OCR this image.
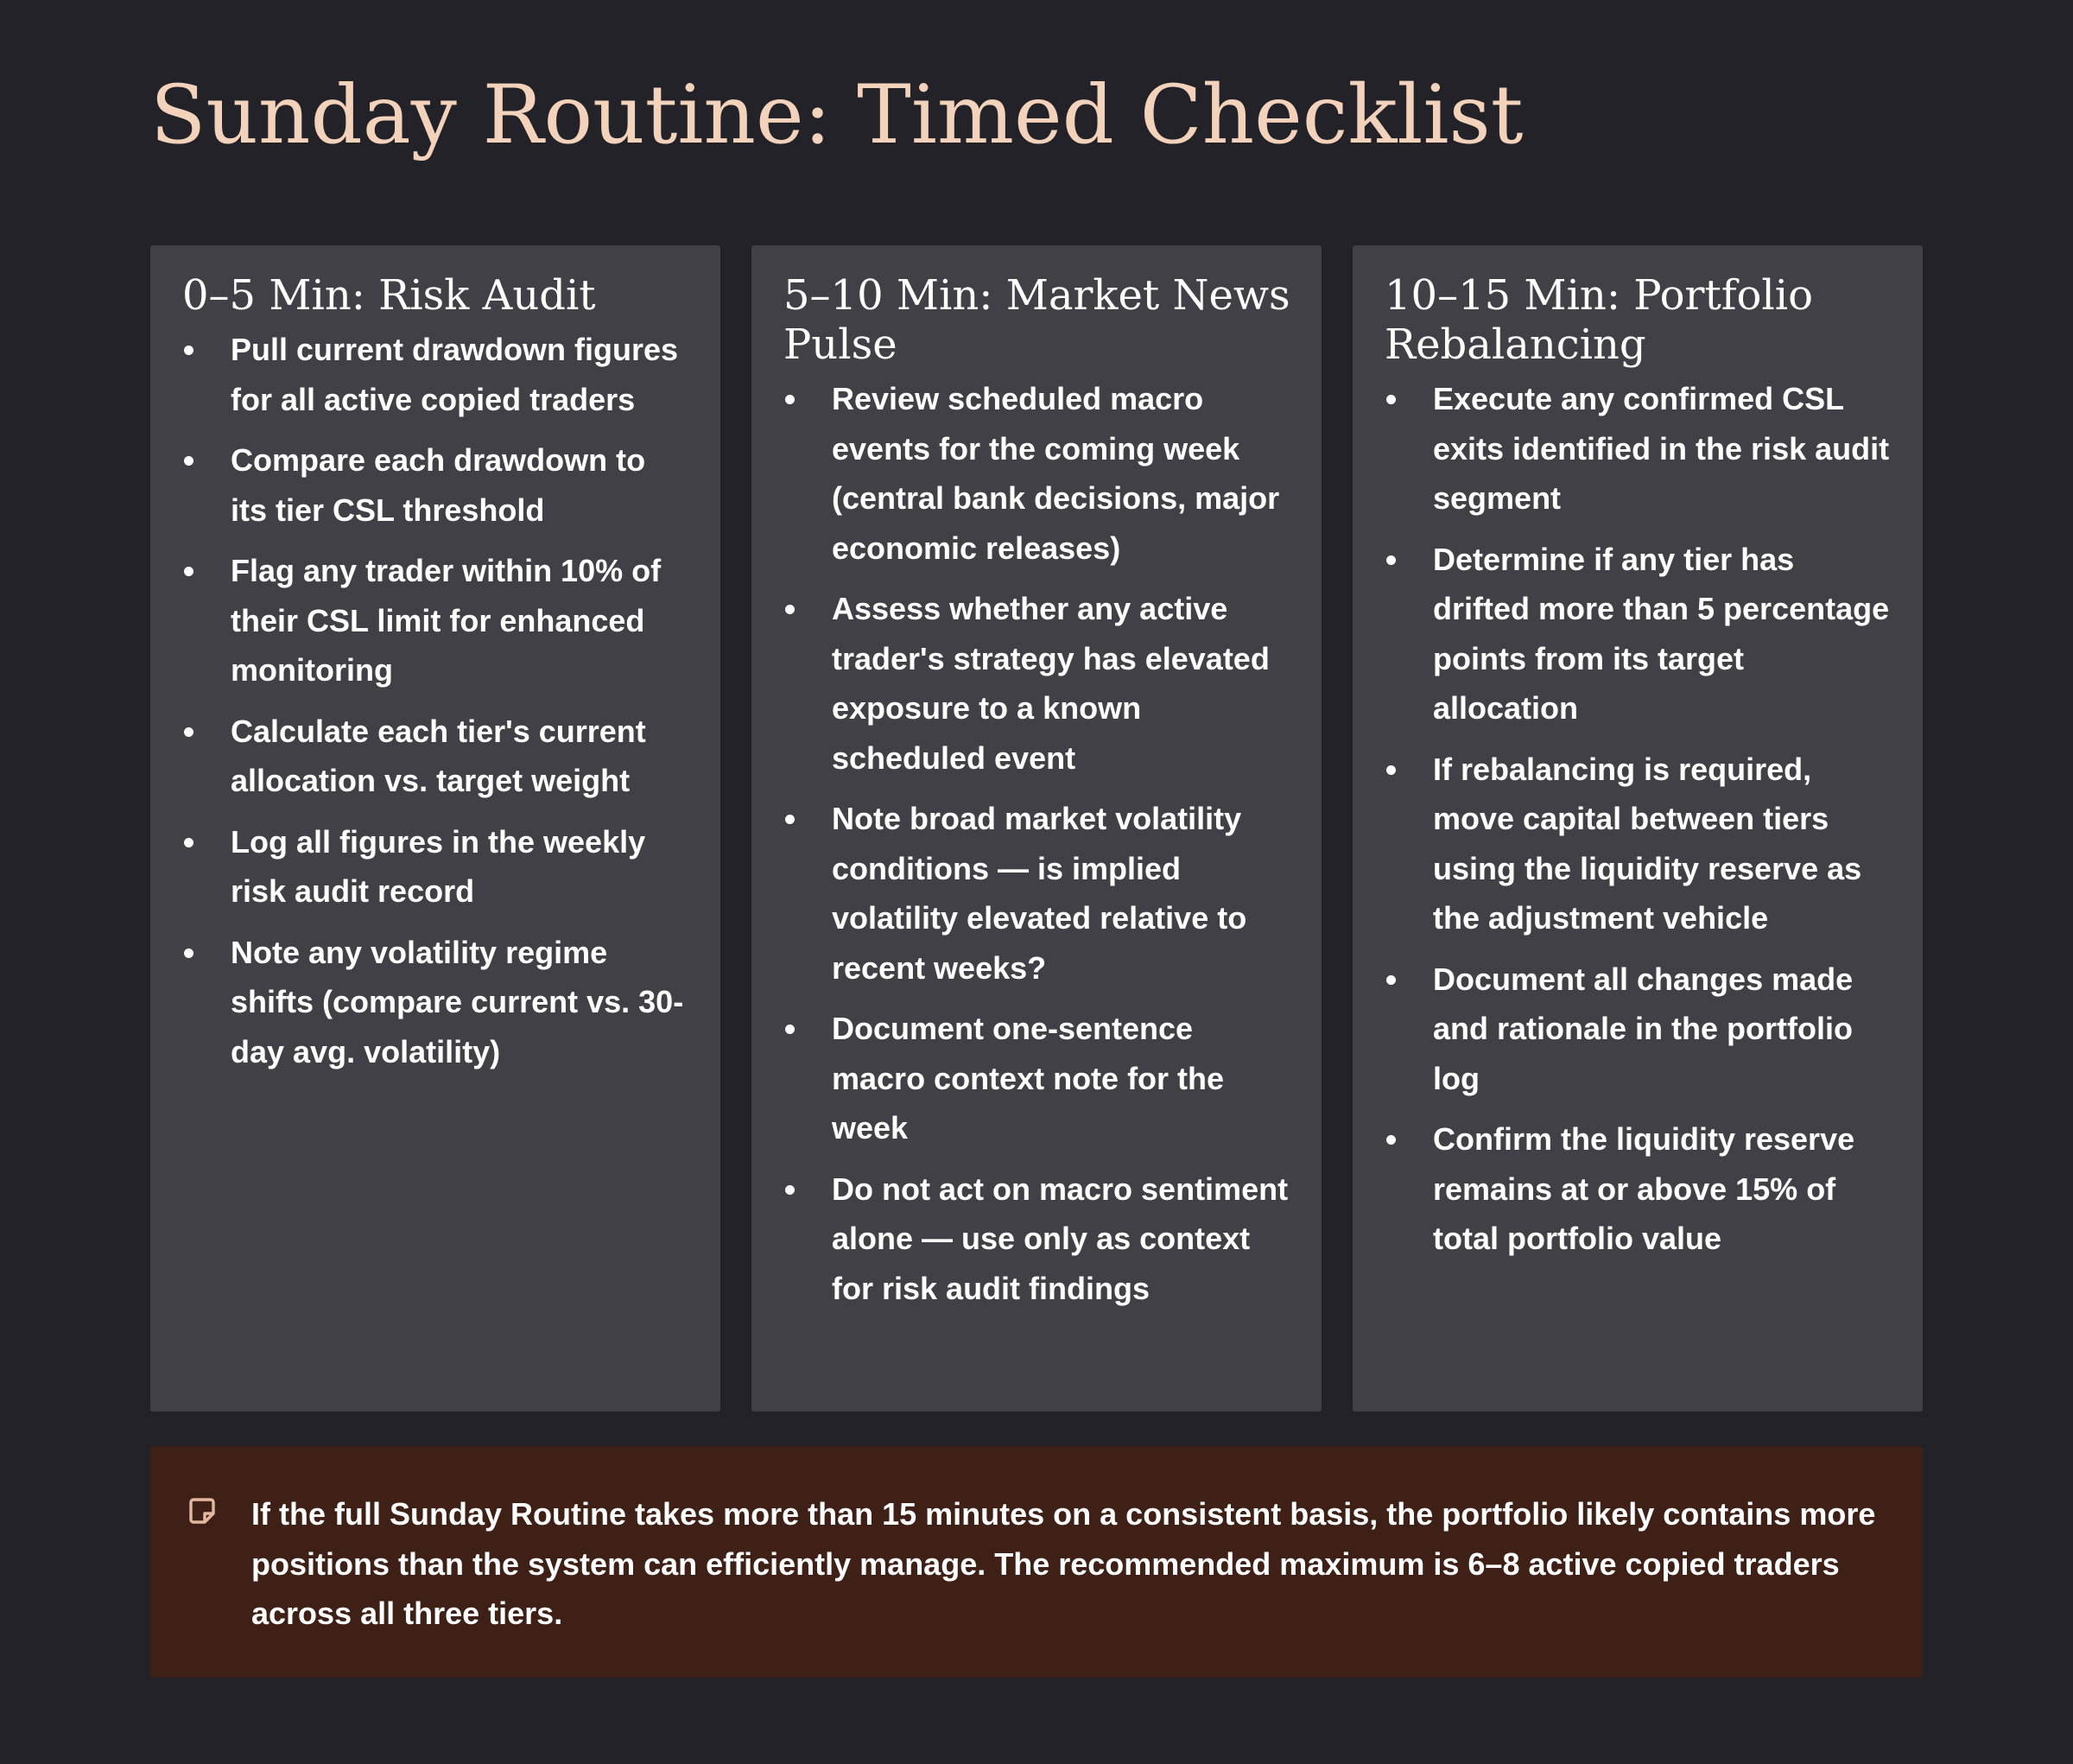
Sunday Routine: Timed Checklist
0–5 Min: Risk Audit
Pull current drawdown figures for all active copied traders
Compare each drawdown to its tier CSL threshold
Flag any trader within 10% of their CSL limit for enhanced monitoring
Calculate each tier's current allocation vs. target weight
Log all figures in the weekly risk audit record
Note any volatility regime shifts (compare current vs. 30-day avg. volatility)
5–10 Min: Market News Pulse
Review scheduled macro events for the coming week (central bank decisions, major economic releases)
Assess whether any active trader's strategy has elevated exposure to a known scheduled event
Note broad market volatility conditions — is implied volatility elevated relative to recent weeks?
Document one-sentence macro context note for the week
Do not act on macro sentiment alone — use only as context for risk audit findings
10–15 Min: Portfolio Rebalancing
Execute any confirmed CSL exits identified in the risk audit segment
Determine if any tier has drifted more than 5 percentage points from its target allocation
If rebalancing is required, move capital between tiers using the liquidity reserve as the adjustment vehicle
Document all changes made and rationale in the portfolio log
Confirm the liquidity reserve remains at or above 15% of total portfolio value

If the full Sunday Routine takes more than 15 minutes on a consistent basis, the portfolio likely contains more positions than the system can efficiently manage. The recommended maximum is 6–8 active copied traders across all three tiers.
